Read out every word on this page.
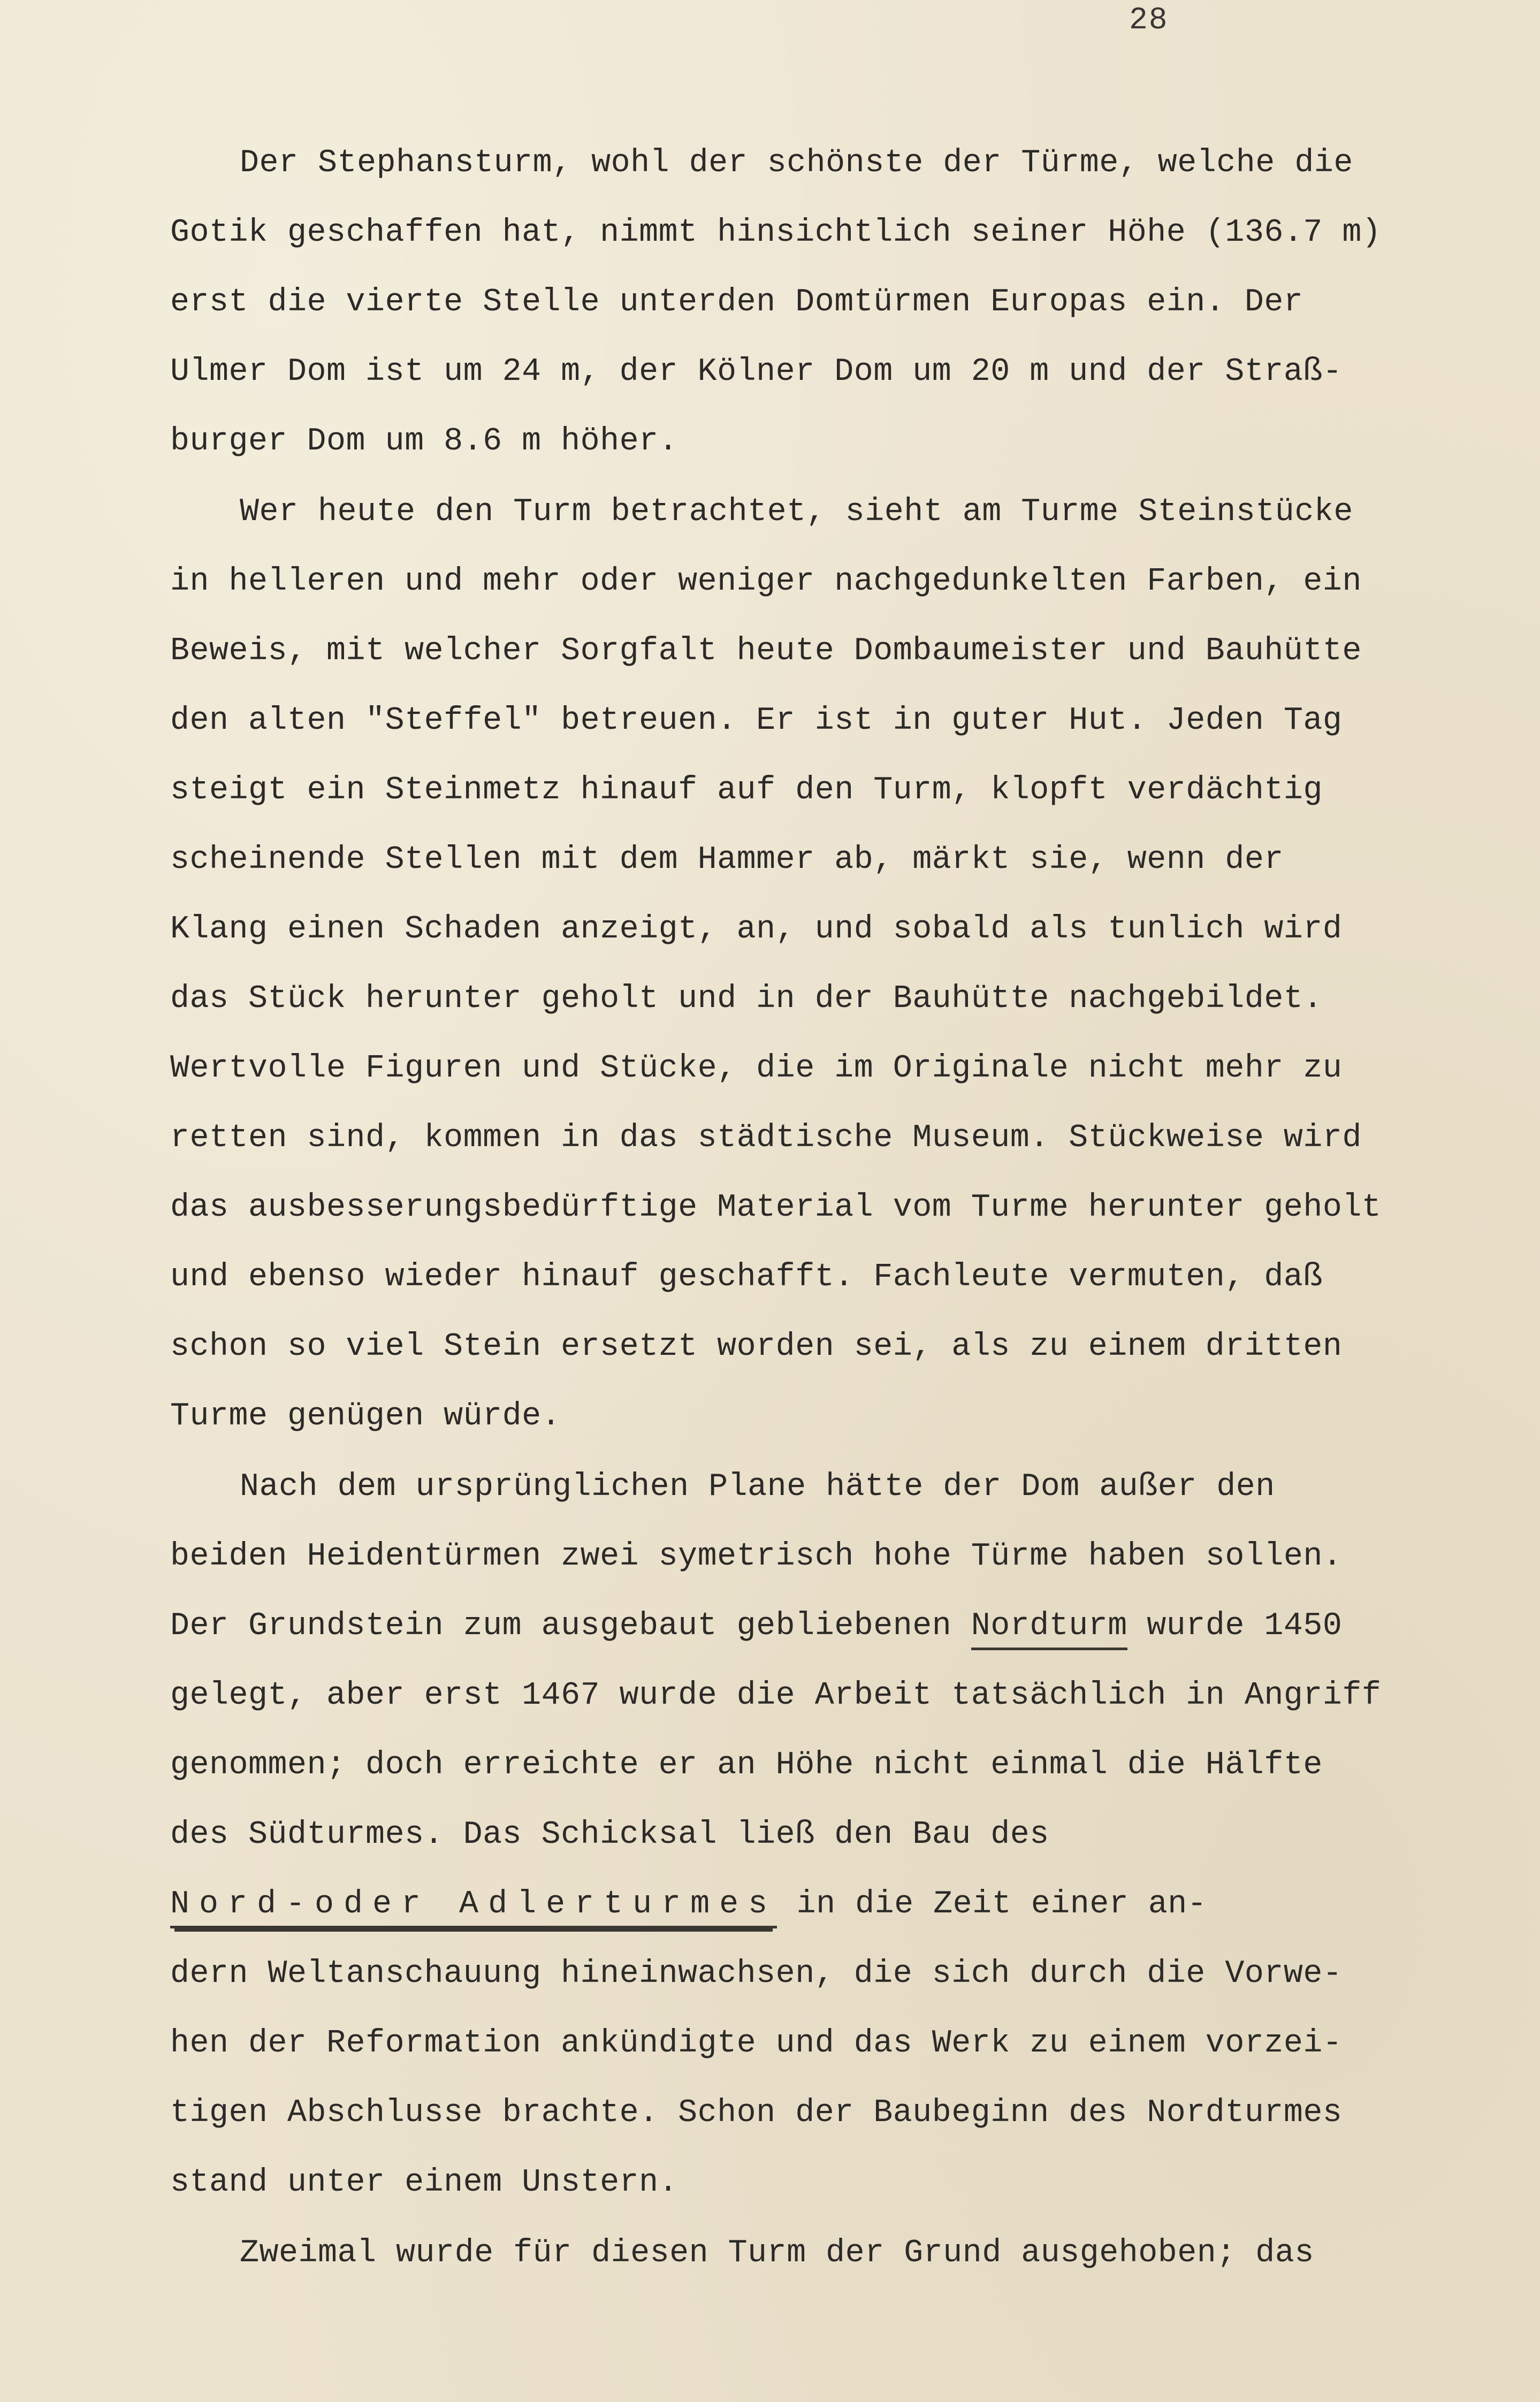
28
Der Stephansturm, wohl der schönste der Türme, welche die
Gotik geschaffen hat, nimmt hinsichtlich seiner Höhe (136.7 m)
erst die vierte Stelle unterden Domtürmen Europas ein. Der
Ulmer Dom ist um 24 m, der Kölner Dom um 20 m und der Straß-
burger Dom um 8.6 m höher.
Wer heute den Turm betrachtet, sieht am Turme Steinstücke
in helleren und mehr oder weniger nachgedunkelten Farben, ein
Beweis, mit welcher Sorgfalt heute Dombaumeister und Bauhütte
den alten "Steffel" betreuen. Er ist in guter Hut. Jeden Tag
steigt ein Steinmetz hinauf auf den Turm, klopft verdächtig
scheinende Stellen mit dem Hammer ab, märkt sie, wenn der
Klang einen Schaden anzeigt, an, und sobald als tunlich wird
das Stück herunter geholt und in der Bauhütte nachgebildet.
Wertvolle Figuren und Stücke, die im Originale nicht mehr zu
retten sind, kommen in das städtische Museum. Stückweise wird
das ausbesserungsbedürftige Material vom Turme herunter geholt
und ebenso wieder hinauf geschafft. Fachleute vermuten, daß
schon so viel Stein ersetzt worden sei, als zu einem dritten
Turme genügen würde.
Nach dem ursprünglichen Plane hätte der Dom außer den
beiden Heidentürmen zwei symetrisch hohe Türme haben sollen.
Der Grundstein zum ausgebaut gebliebenen Nordturm wurde 1450
gelegt, aber erst 1467 wurde die Arbeit tatsächlich in Angriff
genommen; doch erreichte er an Höhe nicht einmal die Hälfte
des Südturmes. Das Schicksal ließ den Bau des
Nord-oder Adlerturmes in die Zeit einer an-
dern Weltanschauung hineinwachsen, die sich durch die Vorwe-
hen der Reformation ankündigte und das Werk zu einem vorzei-
tigen Abschlusse brachte. Schon der Baubeginn des Nordturmes
stand unter einem Unstern.
Zweimal wurde für diesen Turm der Grund ausgehoben; das
